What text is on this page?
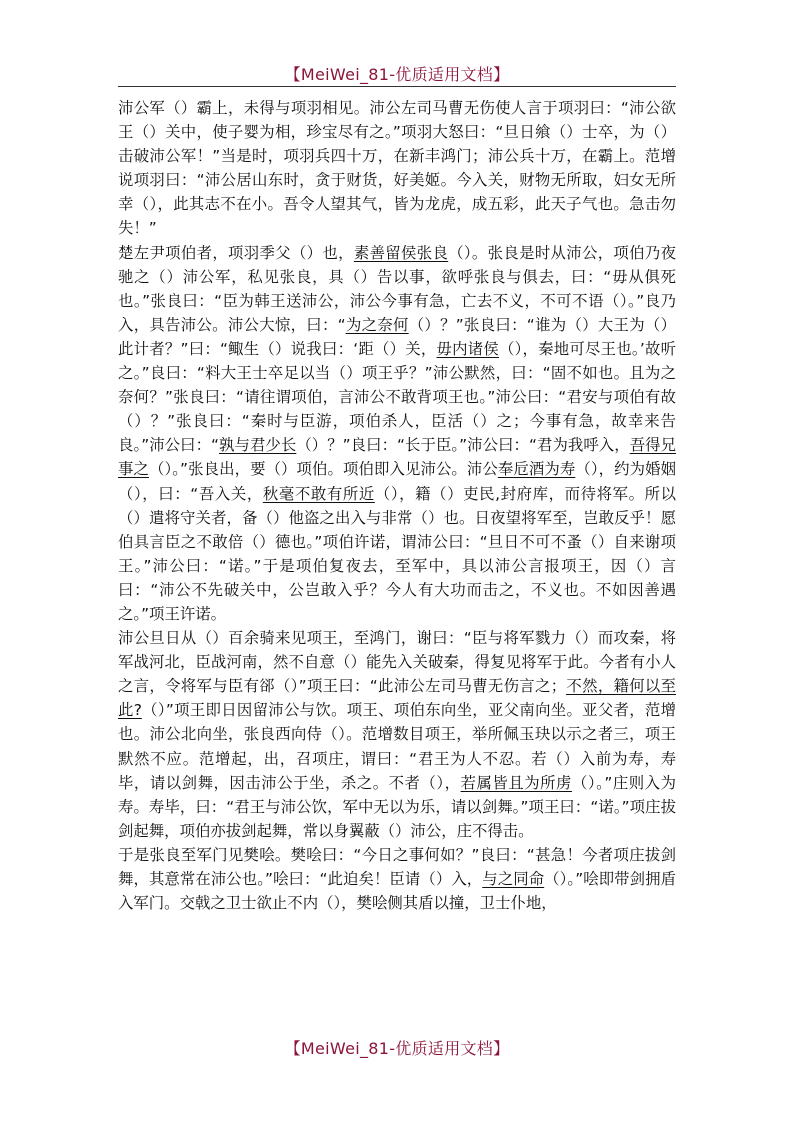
【MeiWei_81-优质适用文档】

沛公军（）霸上，未得与项羽相见。沛公左司马曹无伤使人言于项羽曰：“沛公欲王（）关中，使子婴为相，珍宝尽有之。”项羽大怒曰：“旦日飨（）士卒，为（）击破沛公军！”当是时，项羽兵四十万，在新丰鸿门；沛公兵十万，在霸上。范增说项羽曰：“沛公居山东时，贪于财货，好美姬。今入关，财物无所取，妇女无所幸（），此其志不在小。吾令人望其气，皆为龙虎，成五彩，此天子气也。急击勿失！”

楚左尹项伯者，项羽季父（）也，素善留侯张良（）。张良是时从沛公，项伯乃夜驰之（）沛公军，私见张良，具（）告以事，欲呼张良与俱去，曰：“毋从俱死也。”张良曰：“臣为韩王送沛公，沛公今事有急，亡去不义，不可不语（）。”良乃入，具告沛公。沛公大惊，曰：“为之奈何（）？”张良曰：“谁为（）大王为（）此计者？”曰：“鲰生（）说我曰：‘距（）关，毋内诸侯（），秦地可尽王也。’故听之。”良曰：“料大王士卒足以当（）项王乎？”沛公默然，曰：“固不如也。且为之奈何？”张良曰：“请往谓项伯，言沛公不敢背项王也。”沛公曰：“君安与项伯有故（）？”张良曰：“秦时与臣游，项伯杀人，臣活（）之；今事有急，故幸来告良。”沛公曰：“孰与君少长（）？”良曰：“长于臣。”沛公曰：“君为我呼入，吾得兄事之（）。”张良出，要（）项伯。项伯即入见沛公。沛公奉卮酒为寿（），约为婚姻（），曰：“吾入关，秋毫不敢有所近（），籍（）吏民,封府库，而待将军。所以（）遣将守关者，备（）他盗之出入与非常（）也。日夜望将军至，岂敢反乎！愿伯具言臣之不敢倍（）德也。”项伯许诺，谓沛公曰：“旦日不可不蚤（）自来谢项王。”沛公曰：“诺。”于是项伯复夜去，至军中，具以沛公言报项王，因（）言曰：“沛公不先破关中，公岂敢入乎？今人有大功而击之，不义也。不如因善遇之。”项王许诺。

沛公旦日从（）百余骑来见项王，至鸿门，谢曰：“臣与将军戮力（）而攻秦，将军战河北，臣战河南，然不自意（）能先入关破秦，得复见将军于此。今者有小人之言，令将军与臣有郤（）”项王曰：“此沛公左司马曹无伤言之；不然，籍何以至此?（）”项王即日因留沛公与饮。项王、项伯东向坐，亚父南向坐。亚父者，范增也。沛公北向坐，张良西向侍（）。范增数目项王，举所佩玉玦以示之者三，项王默然不应。范增起，出，召项庄，谓曰：“君王为人不忍。若（）入前为寿，寿毕，请以剑舞，因击沛公于坐，杀之。不者（），若属皆且为所虏（）。”庄则入为寿。寿毕，曰：“君王与沛公饮，军中无以为乐，请以剑舞。”项王曰：“诺。”项庄拔剑起舞，项伯亦拔剑起舞，常以身翼蔽（）沛公，庄不得击。

于是张良至军门见樊哙。樊哙曰：“今日之事何如？”良曰：“甚急！今者项庄拔剑舞，其意常在沛公也。”哙曰：“此迫矣！臣请（）入，与之同命（）。”哙即带剑拥盾入军门。交戟之卫士欲止不内（），樊哙侧其盾以撞，卫士仆地，

【MeiWei_81-优质适用文档】
